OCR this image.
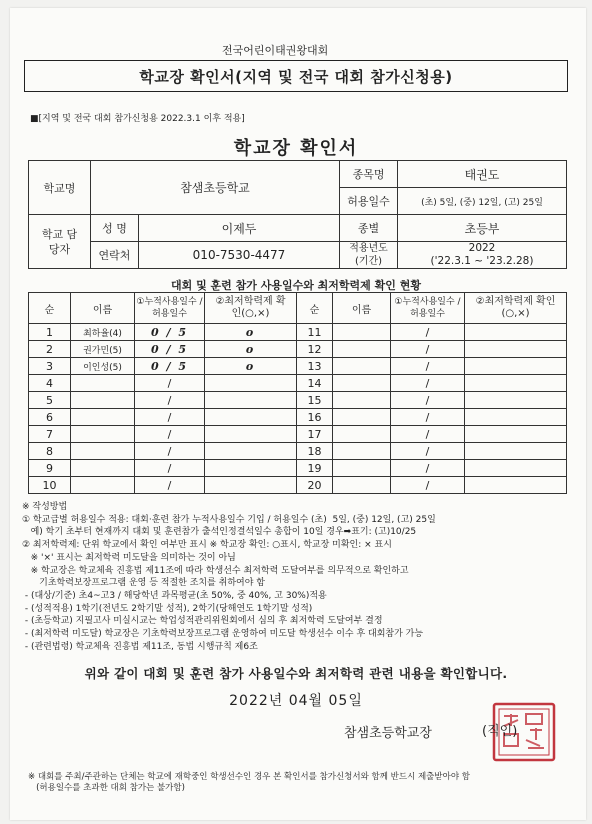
전국어린이태권왕대회
학교장 확인서(지역 및 전국 대회 참가신청용)
■[지역 및 전국 대회 참가신청용 2022.3.1 이후 적용]
학교장 확인서
학교명	참샘초등학교		종목명	태권도
			허용일수	(초) 5일, (중) 12일, (고) 25일
학교 담당자	성 명	이제두	종별	초등부
	연락처	010-7530-4477	적용년도 (기간)	2022
('22.3.1 ~ '23.2.28)
대회 및 훈련 참가 사용일수와 최저학력제 확인 현황
순	이름	①누적사용일수 /허용일수	②최저학력제 확인(○,×)	순	이름	①누적사용일수 /허용일수	②최저학력제 확인(○,×)
1	최하율(4)	0 / 5	o	11		/	
2	권가민(5)	0 / 5	o	12		/	
3	이인성(5)	0 / 5	o	13		/	
4		/		14		/	
5		/		15		/	
6		/		16		/	
7		/		17		/	
8		/		18		/	
9		/		19		/	
10		/		20		/	
※ 작성방법
① 학교급별 허용일수 적용: 대회·훈련 참가 누적사용일수 기입 / 허용일수 (초)  5일, (중) 12일, (고) 25일
예) 학기 초부터 현재까지 대회 및 훈련참가 출석인정결석일수 총합이 10일 경우➡표기: (고)10/25
② 최저학력제: 단위 학교에서 확인 여부만 표시 ※ 학교장 확인: ○표시, 학교장 미확인: × 표시
※ '×' 표시는 최저학력 미도달을 의미하는 것이 아님
※ 학교장은 학교체육 진흥법 제11조에 따라 학생선수 최저학력 도달여부를 의무적으로 확인하고
기초학력보장프로그램 운영 등 적절한 조치를 취하여야 함
- (대상/기준) 초4~고3 / 해당학년 과목평균(초 50%, 중 40%, 고 30%)적용
- (성적적용) 1학기(전년도 2학기말 성적), 2학기(당해연도 1학기말 성적)
- (초등학교) 지필고사 미실시교는 학업성적관리위원회에서 심의 후 최저학력 도달여부 결정
- (최저학력 미도달) 학교장은 기초학력보장프로그램 운영하여 미도달 학생선수 이수 후 대회참가 가능
- (관련법령) 학교체육 진흥법 제11조, 동법 시행규칙 제6조
위와 같이 대회 및 훈련 참가 사용일수와 최저학력 관련 내용을 확인합니다.
2022년 04월 05일
참샘초등학교장	(직인)
※ 대회를 주최/주관하는 단체는 학교에 재학중인 학생선수인 경우 본 확인서를 참가신청서와 함께 반드시 제출받아야 함
(허용일수를 초과한 대회 참가는 불가함)
